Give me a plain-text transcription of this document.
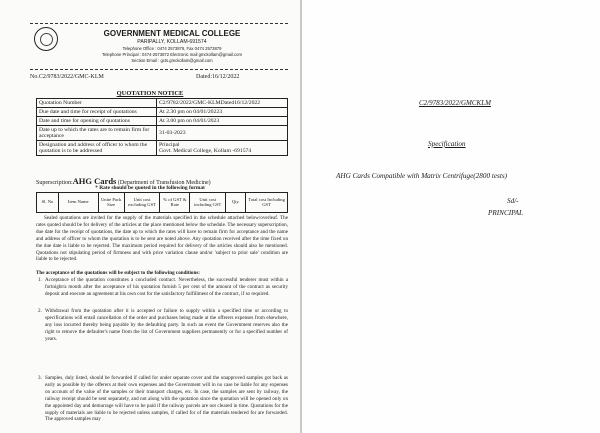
GOVERNMENT MEDICAL COLLEGE
PARIPALLY, KOLLAM-691574
Telephone Office : 0474 2573876, Fax 0474 2573879
Telephone Principal : 0474-2573872 Electronic mail gmckollam@gmail.com
Section Email : gcts.gmckollam@gmail.com
No.C2/9783/2022/GMC-KLM	Dated:16/12/2022
QUOTATION NOTICE
Quotation Number	C2/9782/2022/GMC-KLMDated16/12/2022
Due date and time for receipt of quotations	At 2.30 pm on 04/01/20223
Date and time for opening of quotations	At 3.00 pm on 04/01/2023
Date up to which the rates are to remain firm for acceptance	31-03-2023
Designation and address of officer to whom the quotation is to be addressed	Principal
Govt. Medical College, Kollam -691574
Superscription:AHG Cards (Department of Transfusion Medicine)
* Rate should be quoted in the following format
Sl. No	Item Name	Unite Pack Size	Unit cost excluding GST	% of GST & Rate	Unit cost including GST	Qty.	Total cost Including GST
Sealed quotations are invited for the supply of the materials specified in the schedule attached below/overleaf. The rates quoted should be for delivery of the articles at the place mentioned below the schedule. The necessary superscription, due date for the receipt of quotations, the date up to which the rates will have to remain firm for acceptance and the name and address of officer to whom the quotation is to be sent are noted above. Any quotation received after the time fixed on the due date is liable to be rejected. The maximum period required for delivery of the articles should also be mentioned. Quotations not stipulating period of firmness and with price variation clause and/or 'subject to prior sale' condition are liable to be rejected.
The acceptance of the quotations will be subject to the following conditions:
1. Acceptance of the quotation constitutes a concluded contract. Nevertheless, the successful tenderer must within a fortnight/a month after the acceptance of his quotation furnish 5 per cent of the amount of the contract as security deposit and execute an agreement at his own cost for the satisfactory fulfillment of the contract, if so required.
2. Withdrawal from the quotation after it is accepted or failure to supply within a specified time or according to specifications will entail cancellation of the order and purchases being made at the offerers expenses from elsewhere, any loss incurred thereby being payable by the defaulting party. In such an event the Government reserves also the right to remove the defaulter's name from the list of Government suppliers permanently or for a specified number of years.
3. Samples, duly listed, should be forwarded if called for under separate cover and the unapproved samples got back as early as possible by the offerers at their own expenses and the Government will in no case be liable for any expenses on account of the value of the samples or their transport charges, etc. In case, the samples are sent by railway, the railway receipt should be sent separately, and not along with the quotation since the quotation will be opened only on the appointed day and demurrage will have to be paid if the railway parcels are not cleared in time. Quotations for the supply of materials are liable to be rejected unless samples, if called for of the materials tendered for are forwarded. The approved samples may
C2/9783/2022/GMCKLM
Specification
AHG Cards Compatible with Matrix Centrifuge(2800 tests)
Sd/-
PRINCIPAL
